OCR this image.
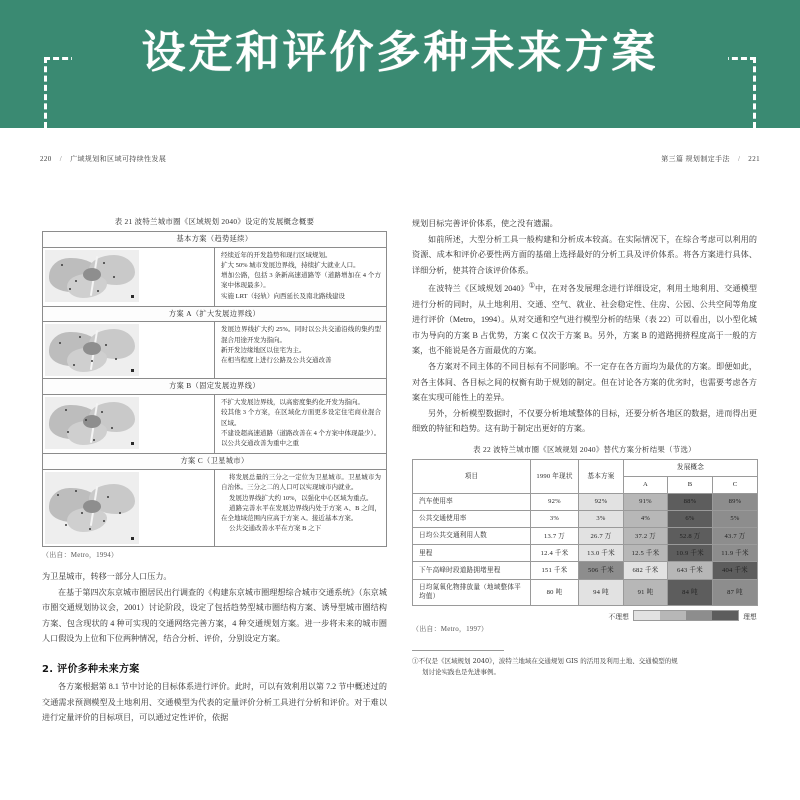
设定和评价多种未来方案
220 / 广域规划和区域可持续性发展	第三篇 规划制定手法 / 221
表 21 波特兰城市圈《区域规划 2040》设定的发展概念概要
基本方案（趋势延续）	

	经续近年的开发趋势和现行区域规划。
扩大 50% 城市发展边界线，持续扩大就业人口。
增加公路，包括 3 条新高速道路等（道路增加在 4 个方案中体现最多）。
实施 LRT（轻轨）向西延长及南北路线建设

方案 A（扩大发展边界线）	

	发展边界线扩大约 25%。同时以公共交通沿线的集约型混合用途开发为指向。
新开发边缘地区以住宅为主。
在相当程度上进行公路及公共交通改善

方案 B（固定发展边界线）	

	不扩大发展边界线，以高密度集约化开发为指向。
较其他 3 个方案，在区域化方面更多设定住宅商业混合区域。
不建设超高速道路（道路改善在 4 个方案中体现最少）。
以公共交通改善为重中之重

方案 C（卫星城市）	

	将发展总量的三分之一定位为卫星城市。卫星城市为自治体。三分之二的人口可以实现城市内就业。
发展边界线扩大约 10%，以强化中心区域为重点。
道路完善水平在发展边界线内处于方案 A、B 之间，在全地域范围内应高于方案 A。接近基本方案。
公共交通改善水平在方案 B 之下
（出自：Metro，1994）

为卫星城市，转移一部分人口压力。

在基于第四次东京城市圈居民出行调查的《构建东京城市圈理想综合城市交通系统》（东京城市圈交通规划协议会，2001）讨论阶段，设定了包括趋势型城市圈结构方案、诱导型城市圈结构方案、包含现状的 4 种可实现的交通网络完善方案，4 种交通规划方案。进一步将未来的城市圈人口假设为上位和下位两种情况，结合分析、评价，分别设定方案。

2. 评价多种未来方案

各方案根据第 8.1 节中讨论的目标体系进行评价。此时，可以有效利用以第 7.2 节中概述过的交通需求预测模型及土地利用、交通模型为代表的定量评价分析工具进行分析和评价。对于难以进行定量评价的目标项目，可以通过定性评价，依据

规划目标完善评价体系，使之没有遗漏。

如前所述，大型分析工具一般构建和分析成本较高。在实际情况下，在综合考虑可以利用的资源、成本和评价必要性两方面的基础上选择最好的分析工具及评价体系。将各方案进行具体、详细分析，使其符合该评价体系。

在波特兰《区域规划 2040》①中，在对各发展理念进行详细设定，利用土地利用、交通模型进行分析的同时，从土地利用、交通、空气、就业、社会稳定性、住房、公园、公共空间等角度进行评价（Metro，1994）。从对交通和空气进行模型分析的结果（表 22）可以看出，以小型化城市为导向的方案 B 占优势，方案 C 仅次于方案 B。另外，方案 B 的道路拥挤程度高于一般的方案，也不能说是各方面最优的方案。

各方案对不同主体的不同目标有不同影响。不一定存在各方面均为最优的方案。即便如此，对各主体间、各目标之间的权衡有助于规划的制定。但在讨论各方案的优劣时，也需要考虑各方案在实现可能性上的差异。

另外，分析模型数据时，不仅要分析地域整体的目标，还要分析各地区的数据，进而得出更细致的特征和趋势。这有助于制定出更好的方案。

表 22 波特兰城市圈《区域规划 2040》替代方案分析结果（节选）
项目	1990 年现状	基本方案	发展概念		
			A	B	C
汽车使用率	92%	92%	91%	88%	89%
公共交通使用率	3%	3%	4%	6%	5%
日均公共交通利用人数	13.7 万	26.7 万	37.2 万	52.8 万	43.7 万
里程	12.4 千米	13.0 千米	12.5 千米	10.9 千米	11.9 千米
下午高峰时段道路拥堵里程	151 千米	506 千米	682 千米	643 千米	404 千米
日均氮氧化物排放量（地域整体平均值）	80 吨	94 吨	91 吨	84 吨	87 吨
不理想	理想
（出自：Metro，1997）
①不仅是《区域规划 2040》，波特兰地域在交通规划 GIS 的活用及利用土地、交通模型的规
划讨论实践也是先进事例。
